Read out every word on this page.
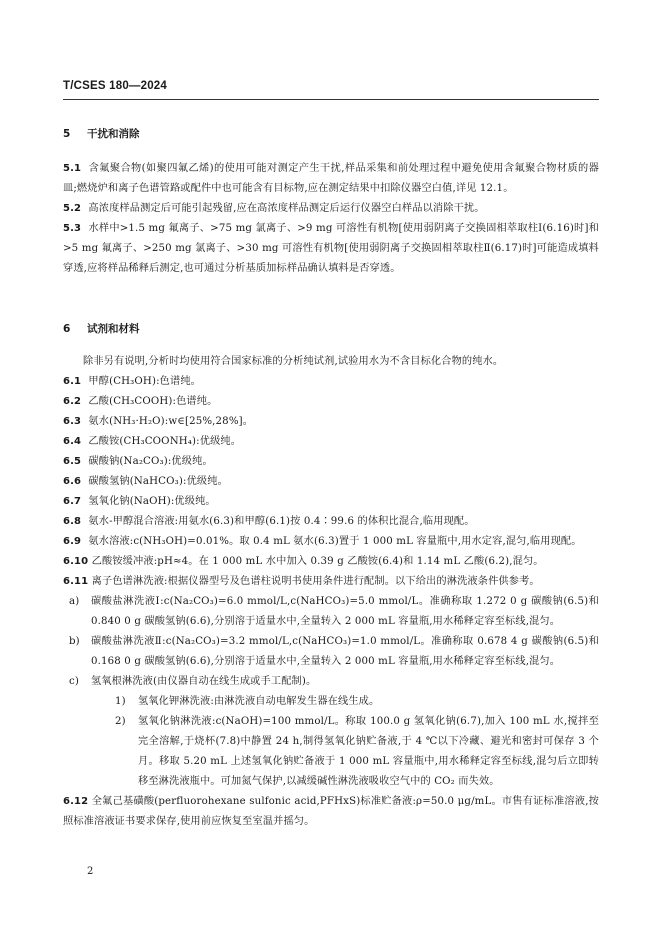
T/CSES 180—2024
5 干扰和消除

5.1 含氟聚合物(如聚四氟乙烯)的使用可能对测定产生干扰,样品采集和前处理过程中避免使用含氟聚合物材质的器皿;燃烧炉和离子色谱管路或配件中也可能含有目标物,应在测定结果中扣除仪器空白值,详见 12.1。

5.2 高浓度样品测定后可能引起残留,应在高浓度样品测定后运行仪器空白样品以消除干扰。

5.3 水样中>1.5 mg 氟离子、>75 mg 氯离子、>9 mg 可溶性有机物[使用弱阴离子交换固相萃取柱Ⅰ(6.16)时]和>5 mg 氟离子、>250 mg 氯离子、>30 mg 可溶性有机物[使用弱阴离子交换固相萃取柱Ⅱ(6.17)时]可能造成填料穿透,应将样品稀释后测定,也可通过分析基质加标样品确认填料是否穿透。

6 试剂和材料

除非另有说明,分析时均使用符合国家标准的分析纯试剂,试验用水为不含目标化合物的纯水。

6.1 甲醇(CH₃OH):色谱纯。

6.2 乙酸(CH₃COOH):色谱纯。

6.3 氨水(NH₃·H₂O):w∈[25%,28%]。

6.4 乙酸铵(CH₃COONH₄):优级纯。

6.5 碳酸钠(Na₂CO₃):优级纯。

6.6 碳酸氢钠(NaHCO₃):优级纯。

6.7 氢氧化钠(NaOH):优级纯。

6.8 氨水-甲醇混合溶液:用氨水(6.3)和甲醇(6.1)按 0.4∶99.6 的体积比混合,临用现配。

6.9 氨水溶液:c(NH₃OH)=0.01%。取 0.4 mL 氨水(6.3)置于 1 000 mL 容量瓶中,用水定容,混匀,临用现配。

6.10 乙酸铵缓冲液:pH≈4。在 1 000 mL 水中加入 0.39 g 乙酸铵(6.4)和 1.14 mL 乙酸(6.2),混匀。

6.11 离子色谱淋洗液:根据仪器型号及色谱柱说明书使用条件进行配制。以下给出的淋洗液条件供参考。

a)	碳酸盐淋洗液Ⅰ:c(Na₂CO₃)=6.0 mmol/L,c(NaHCO₃)=5.0 mmol/L。准确称取 1.272 0 g 碳酸钠(6.5)和 0.840 0 g 碳酸氢钠(6.6),分别溶于适量水中,全量转入 2 000 mL 容量瓶,用水稀释定容至标线,混匀。

b)	碳酸盐淋洗液Ⅱ:c(Na₂CO₃)=3.2 mmol/L,c(NaHCO₃)=1.0 mmol/L。准确称取 0.678 4 g 碳酸钠(6.5)和 0.168 0 g 碳酸氢钠(6.6),分别溶于适量水中,全量转入 2 000 mL 容量瓶,用水稀释定容至标线,混匀。

c)	氢氧根淋洗液(由仪器自动在线生成或手工配制)。

1) 氢氧化钾淋洗液:由淋洗液自动电解发生器在线生成。

2) 氢氧化钠淋洗液:c(NaOH)=100 mmol/L。称取 100.0 g 氢氧化钠(6.7),加入 100 mL 水,搅拌至完全溶解,于烧杯(7.8)中静置 24 h,制得氢氧化钠贮备液,于 4 ℃以下冷藏、避光和密封可保存 3 个月。移取 5.20 mL 上述氢氧化钠贮备液于 1 000 mL 容量瓶中,用水稀释定容至标线,混匀后立即转移至淋洗液瓶中。可加氮气保护,以减缓碱性淋洗液吸收空气中的 CO₂ 而失效。

6.12 全氟己基磺酸(perfluorohexane sulfonic acid,PFHxS)标准贮备液:ρ=50.0 μg/mL。市售有证标准溶液,按照标准溶液证书要求保存,使用前应恢复至室温并摇匀。

2
